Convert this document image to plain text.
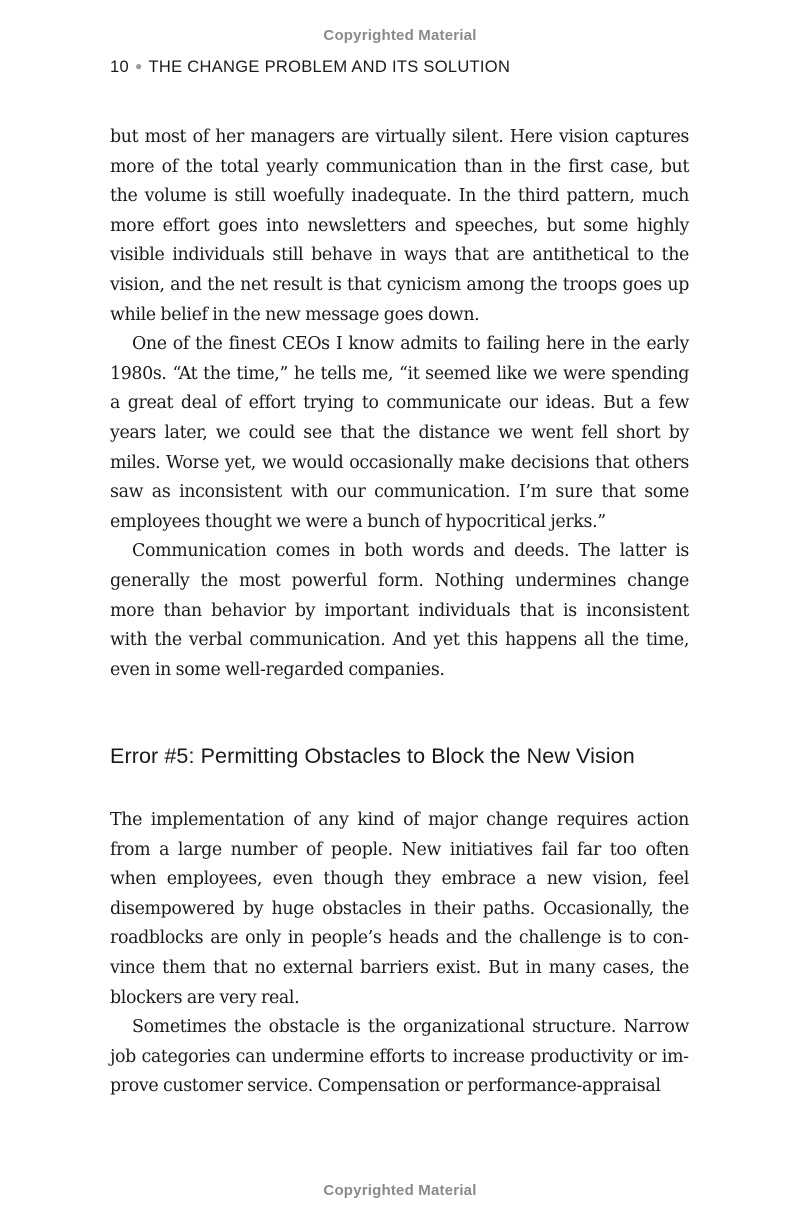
Copyrighted Material
10 ● THE CHANGE PROBLEM AND ITS SOLUTION

but most of her managers are virtually silent. Here vision captures more of the total yearly communication than in the first case, but the volume is still woefully inadequate. In the third pattern, much more effort goes into newsletters and speeches, but some highly visible individuals still behave in ways that are antithetical to the vision, and the net result is that cynicism among the troops goes up while belief in the new message goes down.

One of the finest CEOs I know admits to failing here in the early 1980s. “At the time,” he tells me, “it seemed like we were spending a great deal of effort trying to communicate our ideas. But a few years later, we could see that the distance we went fell short by miles. Worse yet, we would occasionally make decisions that others saw as inconsistent with our communication. I’m sure that some employees thought we were a bunch of hypocritical jerks.”

Communication comes in both words and deeds. The latter is generally the most powerful form. Nothing undermines change more than behavior by important individuals that is inconsistent with the verbal communication. And yet this happens all the time, even in some well-regarded companies.

Error #5: Permitting Obstacles to Block the New Vision

The implementation of any kind of major change requires action from a large number of people. New initiatives fail far too often when employees, even though they embrace a new vision, feel disempowered by huge obstacles in their paths. Occasionally, the roadblocks are only in people’s heads and the challenge is to convince them that no external barriers exist. But in many cases, the blockers are very real.

Sometimes the obstacle is the organizational structure. Narrow job categories can undermine efforts to increase productivity or improve customer service. Compensation or performance-appraisal

Copyrighted Material
